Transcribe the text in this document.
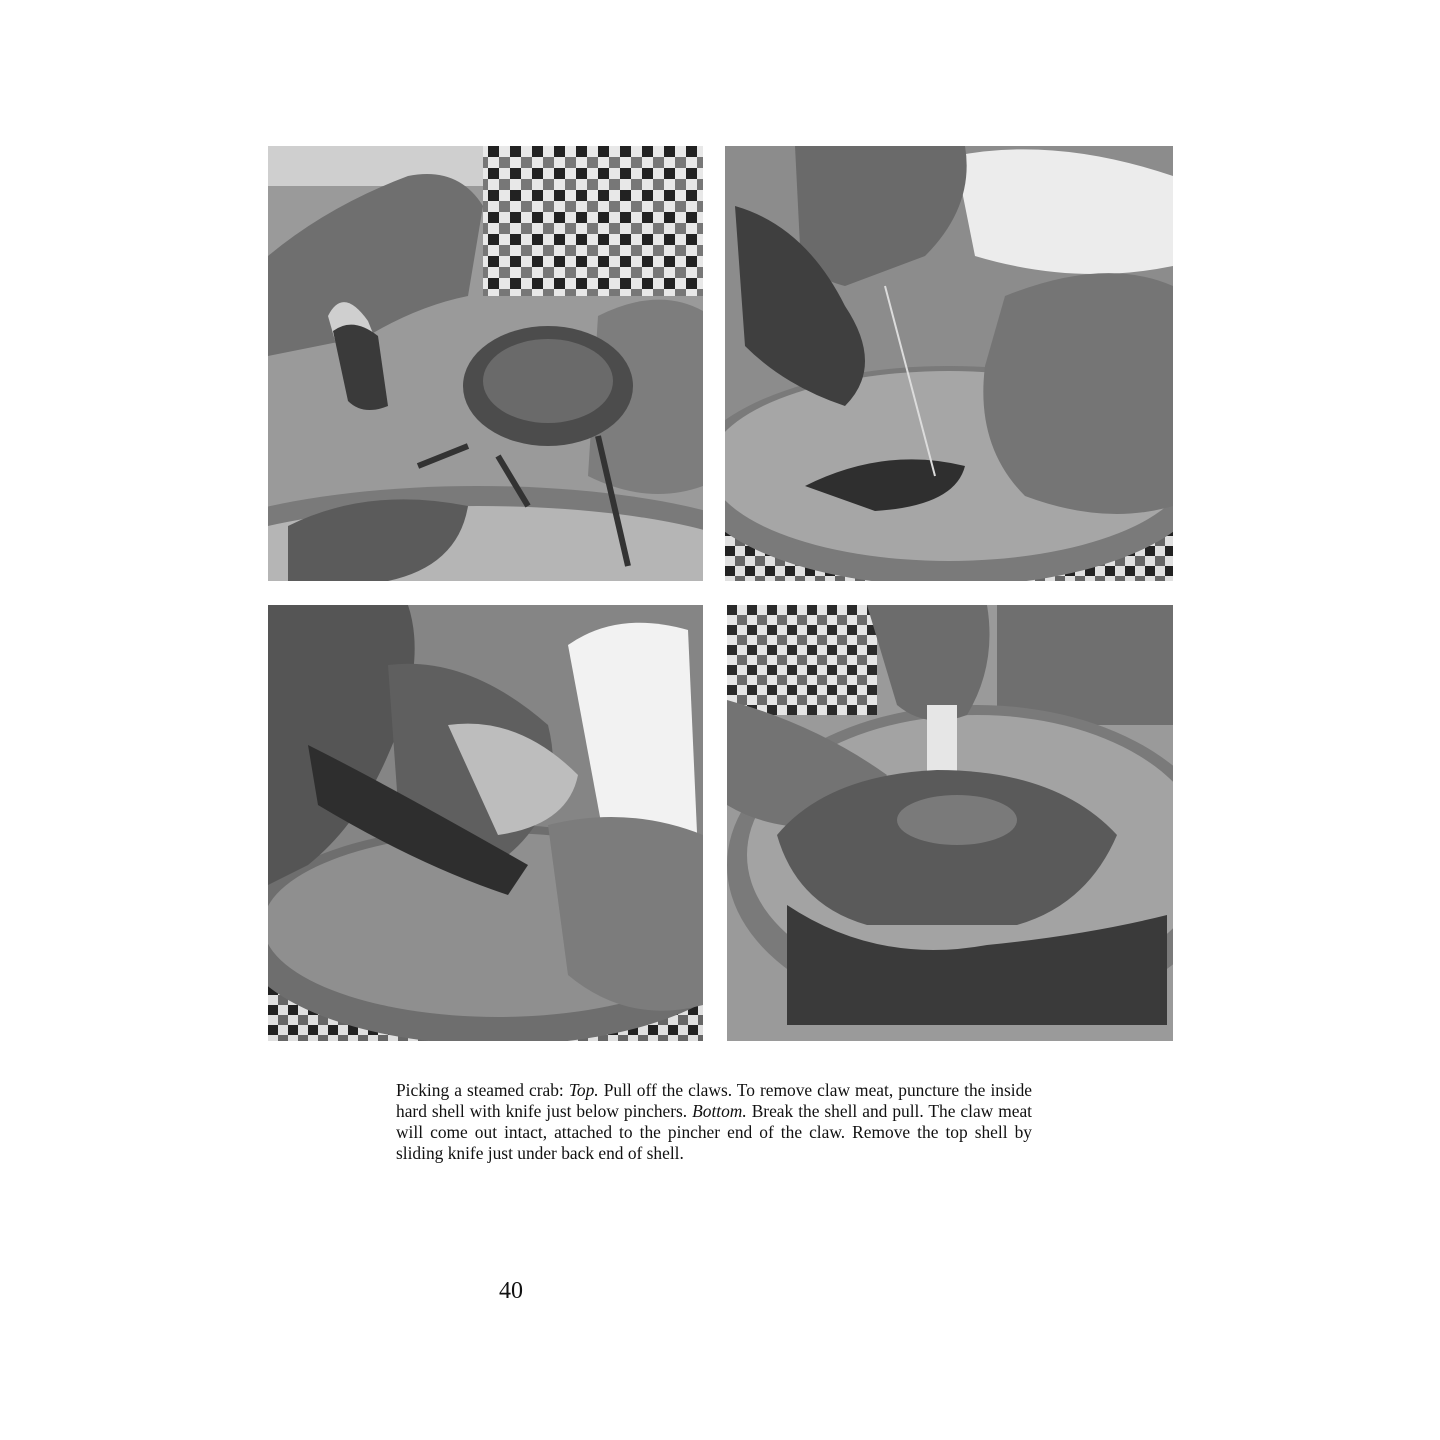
Picking a steamed crab: Top. Pull off the claws. To remove claw meat, puncture the inside hard shell with knife just below pinchers. Bottom. Break the shell and pull. The claw meat will come out intact, attached to the pincher end of the claw. Remove the top shell by sliding knife just under back end of shell.
40
